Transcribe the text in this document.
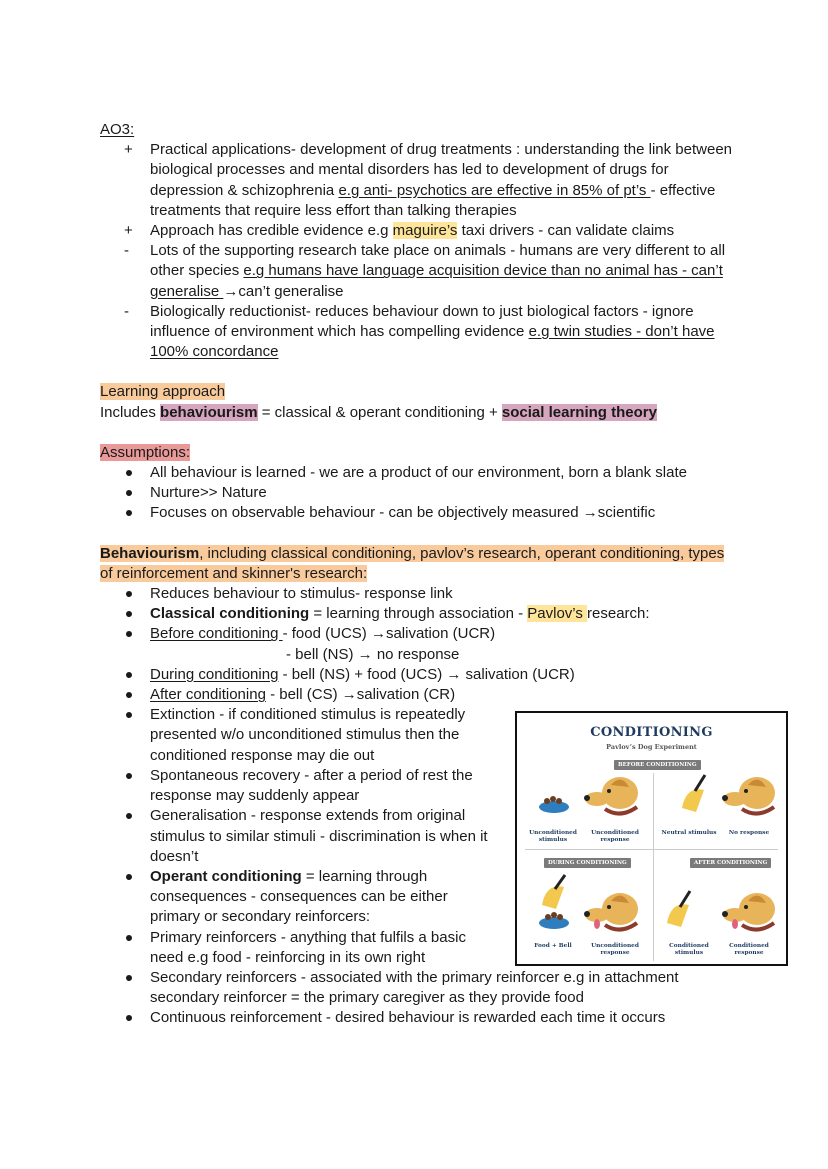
AO3:
+	Practical applications- development of drug treatments : understanding the link between biological processes and mental disorders has led to development of drugs for depression & schizophrenia e.g anti- psychotics are effective in 85% of pt’s - effective treatments that require less effort than talking therapies
+	Approach has credible evidence e.g maguire’s taxi drivers - can validate claims
-	Lots of the supporting research take place on animals - humans are very different to all other species e.g humans have language acquisition device than no animal has - can’t generalise →can’t generalise
-	Biologically reductionist- reduces behaviour down to just biological factors - ignore influence of environment which has compelling evidence e.g twin studies - don’t have 100% concordance
Learning approach
Includes behaviourism = classical & operant conditioning + social learning theory
Assumptions:
All behaviour is learned - we are a product of our environment, born a blank slate
Nurture>> Nature
Focuses on observable behaviour - can be objectively measured →scientific
Behaviourism, including classical conditioning, pavlov’s research, operant conditioning, types of reinforcement and skinner's research:
Reduces behaviour to stimulus- response link
Classical conditioning = learning through association - Pavlov’s research:
Before conditioning - food (UCS) →salivation (UCR)
- bell (NS) → no response
During conditioning - bell (NS) + food (UCS) → salivation (UCR)
After conditioning - bell (CS) →salivation (CR)
Extinction - if conditioned stimulus is repeatedly presented w/o unconditioned stimulus then the conditioned response may die out
Spontaneous recovery - after a period of rest the response may suddenly appear
Generalisation - response extends from original stimulus to similar stimuli - discrimination is when it doesn’t
Operant conditioning = learning through consequences - consequences can be either primary or secondary reinforcers:
Primary reinforcers - anything that fulfils a basic need e.g food - reinforcing in its own right
Secondary reinforcers - associated with the primary reinforcer e.g in attachment secondary reinforcer = the primary caregiver as they provide food
Continuous reinforcement - desired behaviour is rewarded each time it occurs
CONDITIONING
Pavlov’s Dog Experiment
BEFORE CONDITIONING
DURING CONDITIONING	AFTER CONDITIONING
Unconditioned stimulus
Unconditioned response
Neutral stimulus	No response
Food + Bell	Unconditioned response
Conditioned stimulus
Conditioned response
